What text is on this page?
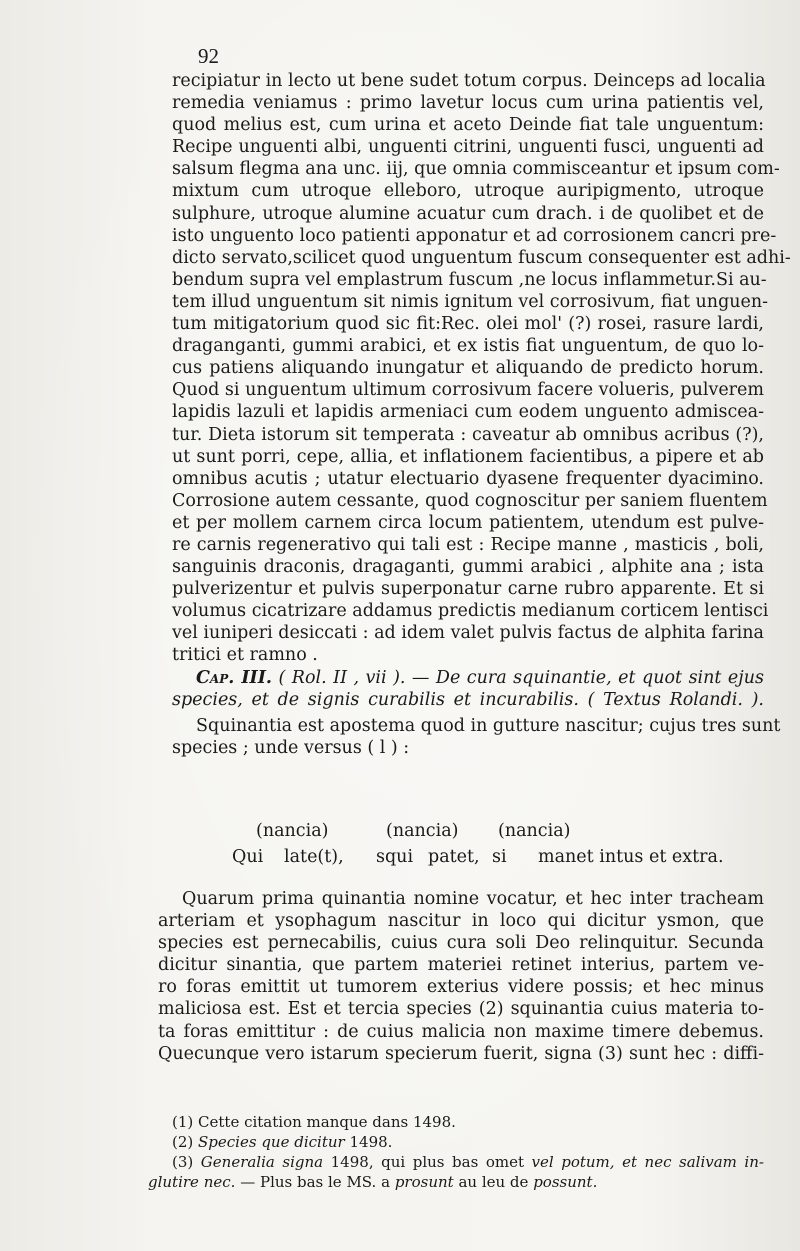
92
recipiatur in lecto ut bene sudet totum corpus. Deinceps ad localia
remedia veniamus : primo lavetur locus cum urina patientis vel,
quod melius est, cum urina et aceto Deinde fiat tale unguentum:
Recipe unguenti albi, unguenti citrini, unguenti fusci, unguenti ad
salsum flegma ana unc. iij, que omnia commisceantur et ipsum com-
mixtum cum utroque elleboro, utroque auripigmento, utroque
sulphure, utroque alumine acuatur cum drach. i de quolibet et de
isto unguento loco patienti apponatur et ad corrosionem cancri pre-
dicto servato,scilicet quod unguentum fuscum consequenter est adhi-
bendum supra vel emplastrum fuscum ,ne locus inflammetur.Si au-
tem illud unguentum sit nimis ignitum vel corrosivum, fiat unguen-
tum mitigatorium quod sic fit:Rec. olei mol' (?) rosei, rasure lardi,
draganganti, gummi arabici, et ex istis fiat unguentum, de quo lo-
cus patiens aliquando inungatur et aliquando de predicto horum.
Quod si unguentum ultimum corrosivum facere volueris, pulverem
lapidis lazuli et lapidis armeniaci cum eodem unguento admiscea-
tur. Dieta istorum sit temperata : caveatur ab omnibus acribus (?),
ut sunt porri, cepe, allia, et inflationem facientibus, a pipere et ab
omnibus acutis ; utatur electuario dyasene frequenter dyacimino.
Corrosione autem cessante, quod cognoscitur per saniem fluentem
et per mollem carnem circa locum patientem, utendum est pulve-
re carnis regenerativo qui tali est : Recipe manne , masticis , boli,
sanguinis draconis, dragaganti, gummi arabici , alphite ana ; ista
pulverizentur et pulvis superponatur carne rubro apparente. Et si
volumus cicatrizare addamus predictis medianum corticem lentisci
vel iuniperi desiccati : ad idem valet pulvis factus de alphita farina
tritici et ramno .
Cap. III. ( Rol. II , vii ). — De cura squinantie, et quot sint ejus
species, et de signis curabilis et incurabilis. ( Textus Rolandi. ).
Squinantia est apostema quod in gutture nascitur; cujus tres sunt
species ; unde versus ( l ) :
(nancia)	(nancia) (nancia)
Qui late(t), squi patet, si manet intus et extra.
Quarum prima quinantia nomine vocatur, et hec inter tracheam
arteriam et ysophagum nascitur in loco qui dicitur ysmon, que
species est pernecabilis, cuius cura soli Deo relinquitur. Secunda
dicitur sinantia, que partem materiei retinet interius, partem ve-
ro foras emittit ut tumorem exterius videre possis; et hec minus
maliciosa est. Est et tercia species (2) squinantia cuius materia to-
ta foras emittitur : de cuius malicia non maxime timere debemus.
Quecunque vero istarum specierum fuerit, signa (3) sunt hec : diffi-
(1) Cette citation manque dans 1498.
(2) Species que dicitur 1498.
(3) Generalia signa 1498, qui plus bas omet vel potum, et nec salivam in-
glutire nec. — Plus bas le MS. a prosunt au leu de possunt.
